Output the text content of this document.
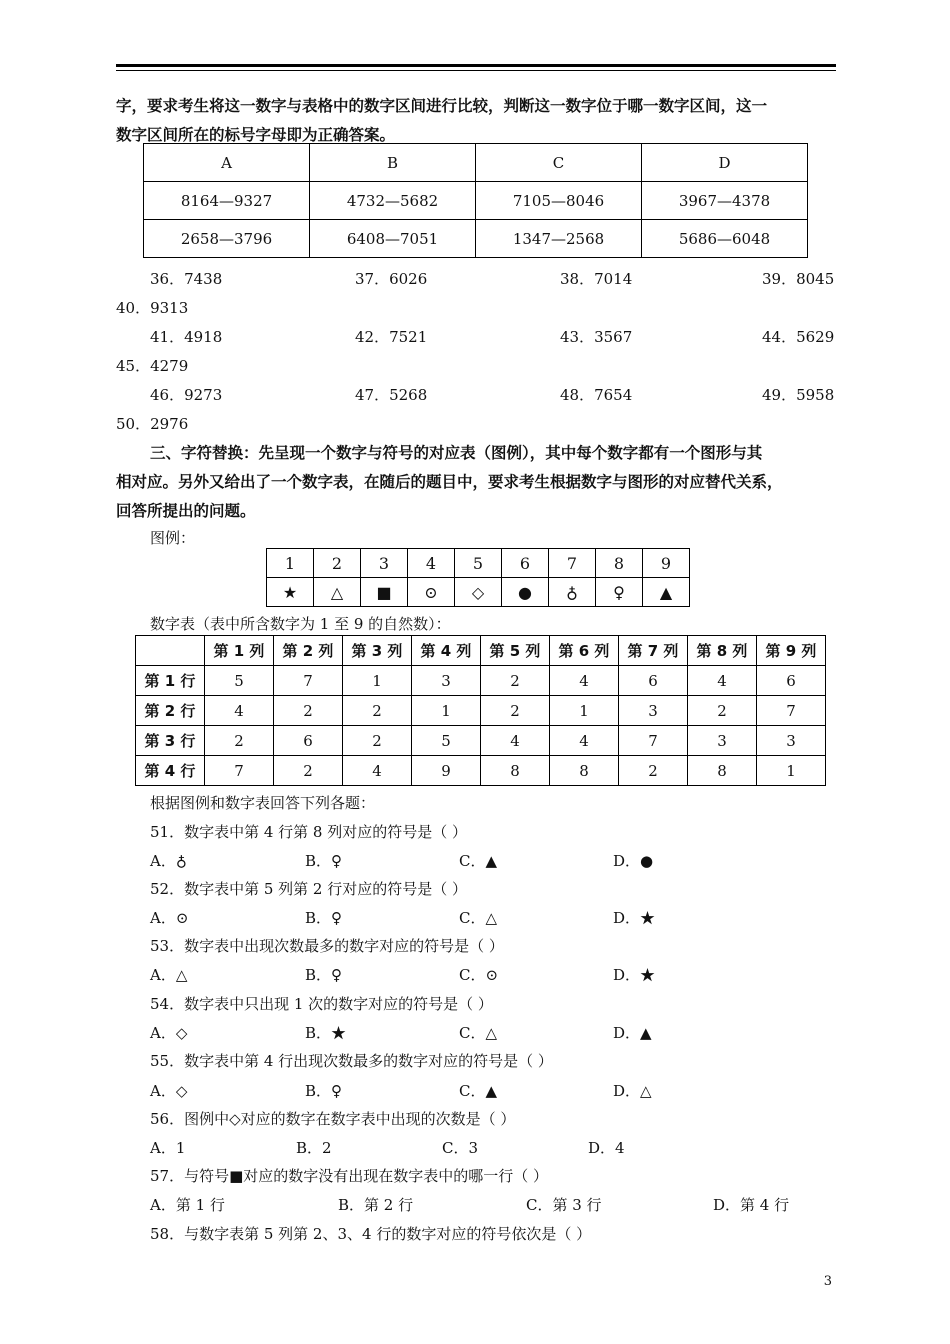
字，要求考生将这一数字与表格中的数字区间进行比较，判断这一数字位于哪一数字区间，这一
数字区间所在的标号字母即为正确答案。
A	B	C	D
8164—9327	4732—5682	7105—8046	3967—4378
2658—3796	6408—7051	1347—2568	5686—6048
36．7438	37．6026	38．7014	39．8045
40．9313
41．4918	42．7521	43．3567	44．5629
45．4279
46．9273	47．5268	48．7654	49．5958
50．2976
三、字符替换：先呈现一个数字与符号的对应表（图例），其中每个数字都有一个图形与其
相对应。另外又给出了一个数字表，在随后的题目中，要求考生根据数字与图形的对应替代关系，
回答所提出的问题。
图例：
1	2	3	4	5	6	7	8	9
★	△	■	⊙	◇	●	♁	♀	▲
数字表（表中所含数字为 1 至 9 的自然数）：
	第 1 列	第 2 列	第 3 列	第 4 列	第 5 列	第 6 列	第 7 列	第 8 列	第 9 列
第 1 行	5	7	1	3	2	4	6	4	6
第 2 行	4	2	2	1	2	1	3	2	7
第 3 行	2	6	2	5	4	4	7	3	3
第 4 行	7	2	4	9	8	8	2	8	1
根据图例和数字表回答下列各题：
51．数字表中第 4 行第 8 列对应的符号是（ ）
A．♁	B．♀	C．▲	D．●
52．数字表中第 5 列第 2 行对应的符号是（ ）
A．⊙	B．♀	C．△	D．★
53．数字表中出现次数最多的数字对应的符号是（ ）
A．△	B．♀	C．⊙	D．★
54．数字表中只出现 1 次的数字对应的符号是（ ）
A．◇	B．★	C．△	D．▲
55．数字表中第 4 行出现次数最多的数字对应的符号是（ ）
A．◇	B．♀	C．▲	D．△
56．图例中◇对应的数字在数字表中出现的次数是（ ）
A．1	B．2	C．3	D．4
57．与符号■对应的数字没有出现在数字表中的哪一行（ ）
A．第 1 行	B．第 2 行	C．第 3 行	D．第 4 行
58．与数字表第 5 列第 2、3、4 行的数字对应的符号依次是（ ）
3
